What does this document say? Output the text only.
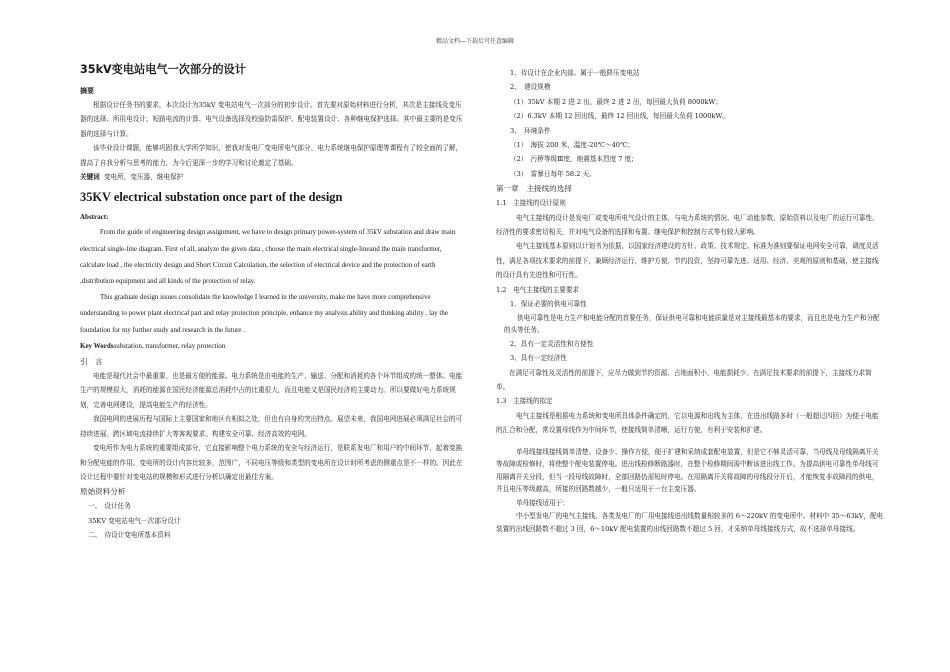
精品文档---下载后可任意编辑
35kV变电站电气一次部分的设计
摘要

根据设计任务书的要求，本次设计为35kV 变电站电气一次部分的初步设计。首先要对原始材料进行分析，其次是主接线及变压器的选择、所用电设计、短路电流的计算、电气设备选择及校验防雷保护、配电装置设计、各种继电保护选择。其中最主要的是变压器的选择与计算。

该毕业设计课题，能够巩固我大学所学知识，使我对发电厂变电所电气部分、电力系统继电保护原理等课程有了较全面的了解，提高了自我分析与思考的能力，为今后更深一步的学习和讨论奠定了基础。

关键词 变电所，变压器，继电保护

35KV electrical substation once part of the design
Abstract:

From the guide of engineering design assignment, we have to design primary power-system of 35kV substation and draw main electrical single-line diagram. First of all, analyze the given data , choose the main electrical single-lineand the main transformer, calculate load , the electricity design and Short Circuit Calculation, the selection of electrical device and the protection of earth ,distribution equipment and all kinds of the protection of relay.

This graduate design issues consolidate the knowledge I learned in the university, make me have more comprehensive understanding to power plant electrical part and relay protection principle, enhance my analysis ability and thinking ability . lay the foundation for my further study and research in the future .

Key Wordssubstation, transformer, relay protection

引　言

电能是现代社会中最重要、也是最方便的能源。电力系统是由电能的生产、输送、分配和消耗的各个环节组成的统一整体。电能生产的规模很大，消耗的能源在国民经济能源总消耗中占的比重很大，而且电能又是国民经济的主要动力。所以要做好电力系统规划，完善电网建设，提高电能生产的经济性。

我国电网的进展历程与国际上主要国家和地区有相似之处，但也有自身的突出特点。展望未来，我国电网进展必须满足社会的可持续进展、跨区域电流持续扩大等客观要求。构建安全可靠、经济高效的电网。

变电所作为电力系统的重要组成部分，它直接影响整个电力系统的安全与经济运行，是联系发电厂和用户的中间环节，起着变换和分配电能的作用。变电所的设计内容比较多，范围广，不同电压等级和类型的变电所在设计时所考虑的侧重点是不一样的。因此在设计过程中要针对变电站的规模和形式进行分析以确定出最佳方案。

原始资料分析
一、　设计任务
35KV 变电站电气一次部分设计
二、　待设计变电所基本资料
1、待设计在企业内部。属于一般降压变电站
2、　建设规模
（1）35kV 本期 2 进 2 出，最终 2 进 2 出，每回最大负荷 8000kW；
（2）6.3kV 本期 12 回出线，最终 12 回出线，每回最大负荷 1000kW。
3、　环境条件
（1）　海拔 200 米，温度-20℃～40℃；
（2）　污秽等级Ⅲ度，地震基本烈度 7 度；
（3）　雷暴日每年 58.2 天。
第一章　主接线的选择
1.1　主接线的设计原则

电气主接线的设计是发电厂或变电所电气设计的主体，与电力系统的情况、电厂动能参数、原始资料以及电厂的运行可靠性、经济性的要求密切相关，并对电气设备的选择和布置、继电保护和控制方式等有较大影响。

电气主接线基本原则以计划书为依据，以国家经济建设的方针、政策、技术规定、标准为准则要保证电网安全可靠，调度灵活性，满足各项技术要求的前提下，兼顾经济运行，维护方便，节约投资，坚持可靠先进、适用、经济、美观的原则和基础，使主接线的设计具有先进性和可行性。

1.2　电气主接线的主要要求
1、保证必要的供电可靠性

供电可靠性是电力生产和电能分配的首要任务，保证供电可靠和电能质量是对主接线最基本的要求，而且也是电力生产和分配的头等任务。

2、具有一定灵活性和方便性
3、具有一定经济性

在满足可靠性及灵活性的前提下，应尽力做到节约资源、占地面积小、电能损耗少。在满足技术要求的前提下，主接线力求简单。

1.3　主接线的拟定

电气主接线是根据电力系统和变电所具体条件确定的，它以电源和出线为主体，在进出线路多时（一般超过四回）为便于电能的汇合和分配，常设置母线作为中间环节，使接线简单清晰，运行方便，有利于安装和扩建。

单母线接线接线简单清楚、设备少、操作方便，便于扩建和采纳成套配电装置，但是它不够灵活可靠，当母线及母线隔离开关等故障或检修时，将使整个配电装置停电。进出线检修断路器时，在整个检修期间需中断该进出线工作。为提高供电可靠性单母线可用隔离开关分段，但当一段母线故障时，全部回路仍需短时停电。在用隔离开关将故障的母线段分开后，才能恢复非故障段的供电，并且电压等级越高，所接的回路数越少，一般只适用于一台主变压器。

单母接线适用于：

中小型发电厂的电气主接线、各类发电厂的厂用电接线进出线数量相较多的 6～220kV 的变电所中。材料中 35～63kV，配电装置的出线回路数不超过 3 回，6～10kV 配电装置的出线回路数不超过 5 回，才采纳单母线接线方式，故不选择单母接线。
